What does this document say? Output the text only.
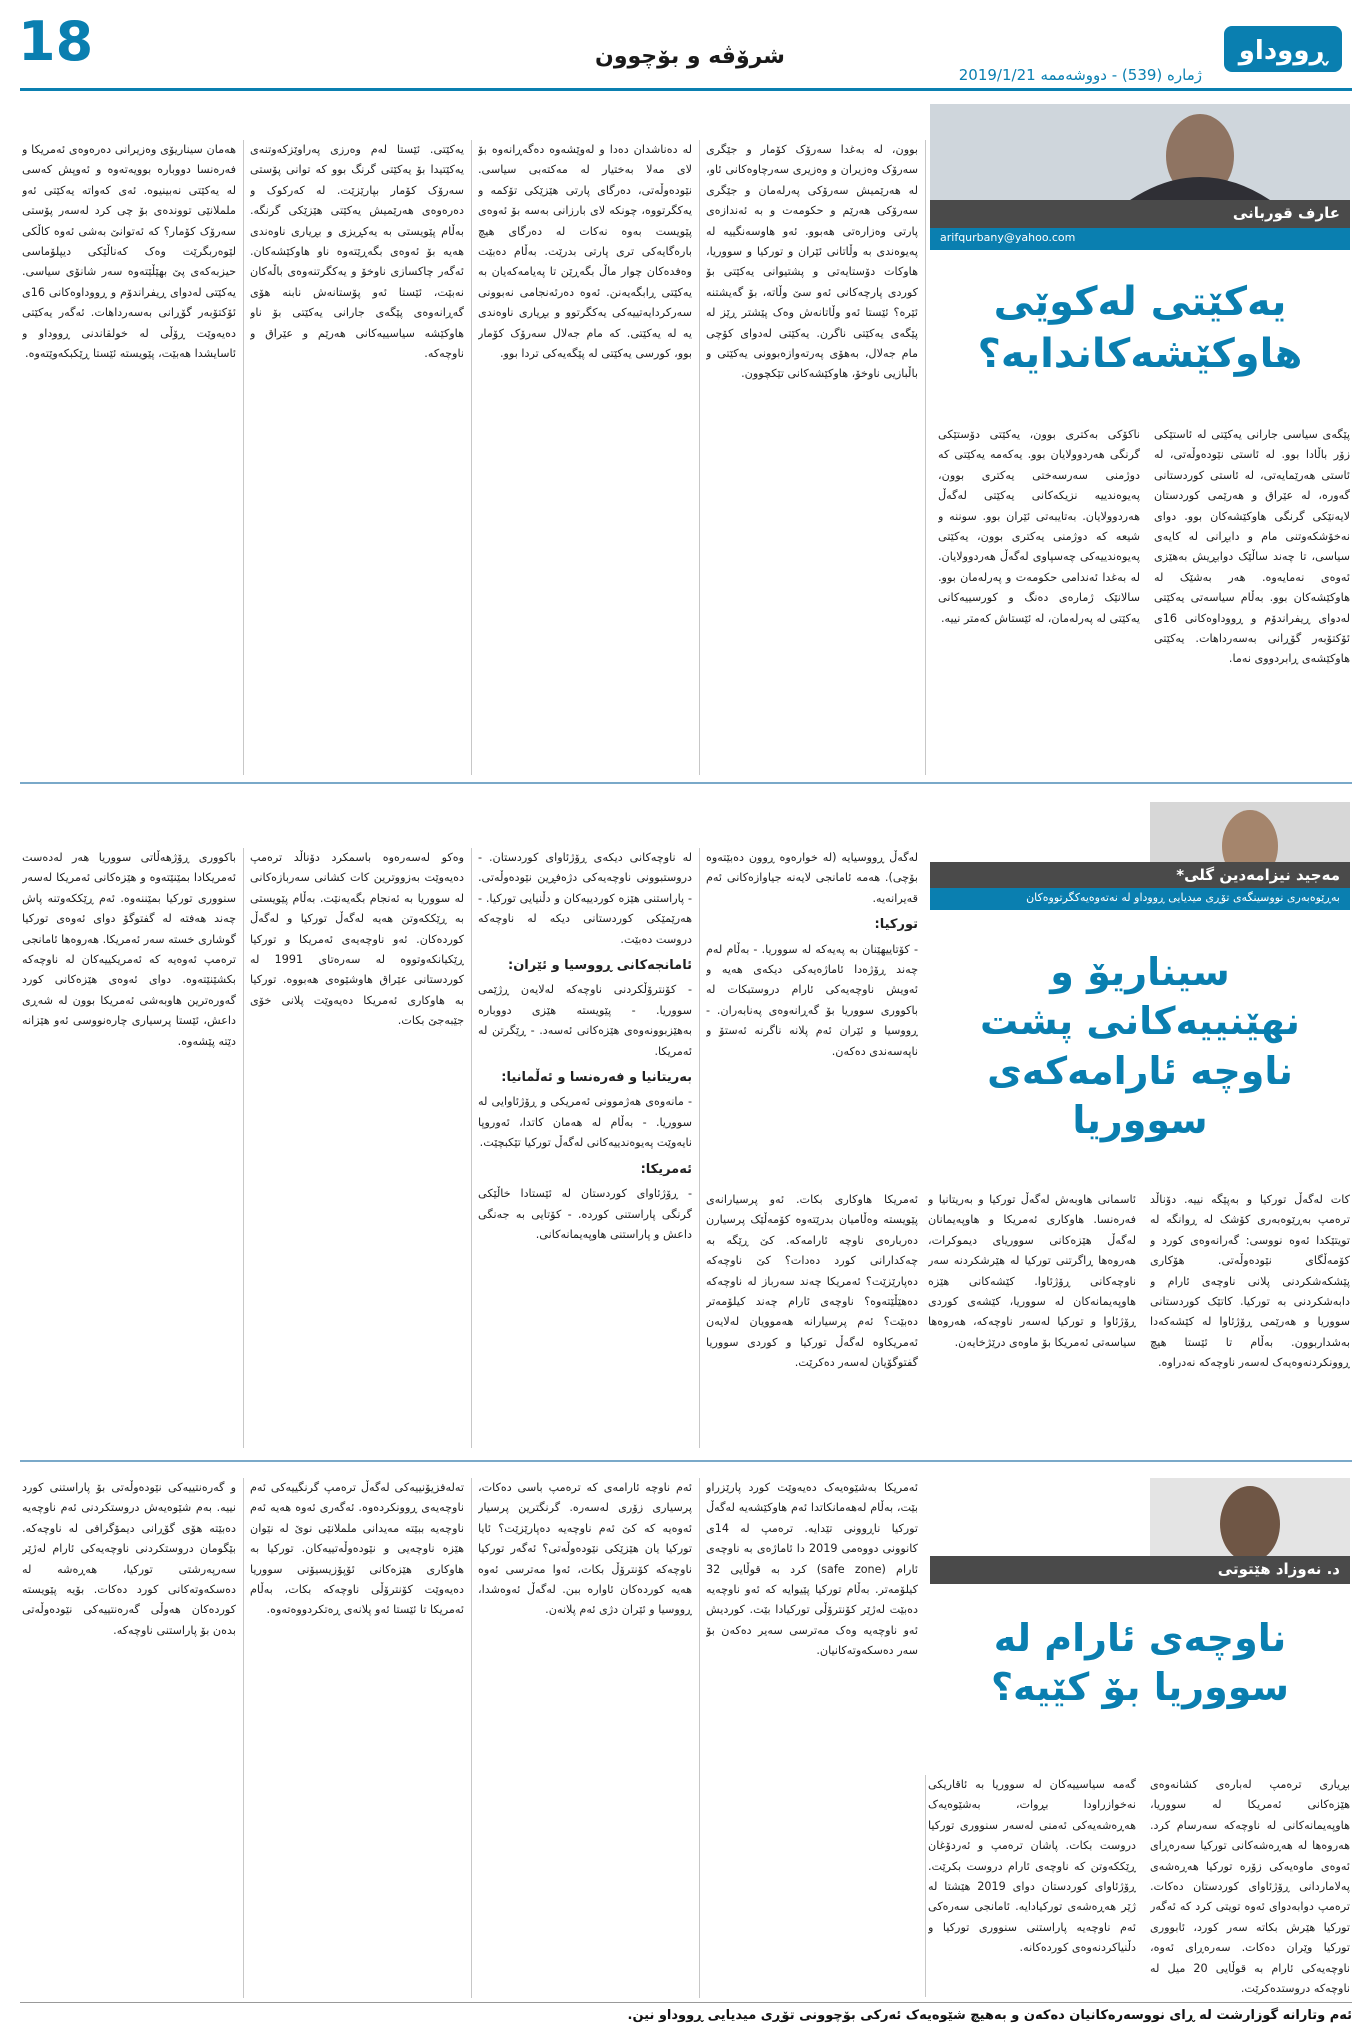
18	شرۆڤە و بۆچوون
ژمارە (539) - دووشەممە 2019/1/21
ڕووداو
عارف قوربانی
arifqurbany@yahoo.com
یەکێتی لەکوێی هاوکێشەکاندایە؟
پێگەی سیاسی جارانی یەکێتی لە ئاستێکی زۆر باڵادا بوو. لە ئاستی نێودەوڵەتی، لە ئاستی هەرێمایەتی، لە ئاستی کوردستانی گەورە، لە عێراق و هەرێمی کوردستان لایەنێکی گرنگی هاوکێشەکان بوو. دوای نەخۆشکەوتنی مام و دابڕانی لە کایەی سیاسی، تا چەند ساڵێک دوابڕیش بەهێزی ئەوەی نەمایەوە. هەر بەشێک لە هاوکێشەکان بوو. بەڵام سیاسەتی یەکێتی لەدوای ڕیفراندۆم و ڕووداوەکانی 16ی ئۆکتۆبەر گۆڕانی بەسەرداهات. یەکێتی هاوکێشەی ڕابردووی نەما.
ناکۆکی بەکتری بوون، یەکێتی دۆستێکی گرنگی هەردوولایان بوو. یەکەمە یەکێتی کە دوژمنی سەرسەختی یەکتری بوون، پەیوەندییە نزیکەکانی یەکێتی لەگەڵ هەردوولایان. بەتایبەتی ئێران بوو. سوننە و شیعە کە دوژمنی یەکتری بوون، یەکێتی پەیوەندییەکی چەسپاوی لەگەڵ هەردوولایان. لە بەغدا ئەندامی حکومەت و پەرلەمان بوو. سالانێک ژمارەی دەنگ و کورسییەکانی یەکێتی لە پەرلەمان، لە ئێستاش کەمتر نییە.
بوون، لە بەغدا سەرۆک کۆمار و جێگری سەرۆک وەزیران و وەزیری سەرچاوەکانی ئاو، لە هەرێمیش سەرۆکی پەرلەمان و جێگری سەرۆکی هەرێم و حکومەت و بە ئەندازەی پارتی وەزارەتی هەبوو. ئەو هاوسەنگییە لە پەیوەندی بە وڵاتانی ئێران و تورکیا و سووریا، هاوکات دۆستایەتی و پشتیوانی یەکێتی بۆ کوردی پارچەکانی ئەو سێ وڵاتە، بۆ گەیشتنە ئێرە؟ ئێستا ئەو وڵاتانەش وەک پێشتر ڕێز لە پێگەی یەکێتی ناگرن. یەکێتی لەدوای کۆچی مام جەلال، بەهۆی پەرتەوازەبوونی یەکێتی و باڵبازیی ناوخۆ، هاوکێشەکانی تێکچوون.
لە دەناشدان دەدا و لەوێشەوە دەگەڕانەوە بۆ لای مەلا بەختیار لە مەکتەبی سیاسی. نێودەوڵەتی، دەرگای پارتی هێزێکی تۆکمە و یەکگرتووە، چونکە لای بارزانی بەسە بۆ ئەوەی پێویست بەوە نەکات لە دەرگای هیچ بارەگایەکی تری پارتی بدرێت. بەڵام دەبێت وەفدەکان چوار ماڵ بگەڕێن تا پەیامەکەیان بە یەکێتی ڕابگەیەنن. ئەوە دەرئەنجامی نەبوونی سەرکردایەتییەکی یەکگرتوو و بڕیاری ناوەندی یە لە یەکێتی. کە مام جەلال سەرۆک کۆمار بوو، کورسی یەکێتی لە پێگەیەکی تردا بوو.
یەکێتی. ئێستا لەم وەرزی پەراوێزکەوتنەی یەکێتیدا بۆ یەکێتی گرنگ بوو کە توانی پۆستی سەرۆک کۆمار بپارێزێت. لە کەرکوک و دەرەوەی هەرێمیش یەکێتی هێزێکی گرنگە. بەڵام پێویستی بە یەکڕیزی و بڕیاری ناوەندی هەیە بۆ ئەوەی بگەڕێتەوە ناو هاوکێشەکان. ئەگەر چاکسازی ناوخۆ و یەکگرتنەوەی باڵەکان نەبێت، ئێستا ئەو پۆستانەش نابنە هۆی گەڕانەوەی پێگەی جارانی یەکێتی بۆ ناو هاوکێشە سیاسییەکانی هەرێم و عێراق و ناوچەکە.
هەمان سیناریۆی وەزیرانی دەرەوەی ئەمریکا و فەرەنسا دووبارە بوویەتەوە و ئەوپش کەسی لە یەکێتی نەبینیوە. ئەی کەواتە یەکێتی ئەو ململانێی تووندەی بۆ چی کرد لەسەر پۆستی سەرۆک کۆمار؟ کە ئەتوانێ بەشی ئەوە کاڵکی لێوەربگرێت وەک کەناڵێکی دیپلۆماسی حیزبەکەی پێ بهێڵێتەوە سەر شانۆی سیاسی. یەکێتی لەدوای ڕیفراندۆم و ڕووداوەکانی 16ی ئۆکتۆبەر گۆڕانی بەسەرداهات. ئەگەر یەکێتی دەیەوێت ڕۆڵی لە خولقاندنی ڕووداو و ئاسایشدا هەبێت، پێویستە ئێستا ڕێکبکەوێتەوە.
مەجید نیزامەدین گلی*
بەڕێوەبەری نووسینگەی تۆڕی میدیایی ڕووداو لە نەتەوەیەکگرتووەکان
سیناریۆ و نهێنییەکانی پشت ناوچە ئارامەکەی سووریا
کات لەگەڵ تورکیا و بەپێگە نییە. دۆناڵد ترەمپ بەڕێوەبەری کۆشک لە ڕوانگە لە تویتێکدا ئەوە نووسی: گەرانەوەی کورد و کۆمەڵگای نێودەوڵەتی. هۆکاری پێشکەشکردنی پلانی ناوچەی ئارام و دابەشکردنی بە تورکیا. کاتێک کوردستانی سووریا و هەرێمی ڕۆژئاوا لە کێشەکەدا بەشداربوون. بەڵام تا ئێستا هیچ ڕوونکردنەوەیەک لەسەر ناوچەکە نەدراوە.
ئاسمانی هاوبەش لەگەڵ تورکیا و بەریتانیا و فەرەنسا. هاوکاری ئەمریکا و هاوپەیمانان لەگەڵ هێزەکانی سووریای دیموکرات، هەروەها ڕاگرتنی تورکیا لە هێرشکردنە سەر ناوچەکانی ڕۆژئاوا. کێشەکانی هێزە هاوپەیمانەکان لە سووریا، کێشەی کوردی ڕۆژئاوا و تورکیا لەسەر ناوچەکە، هەروەها سیاسەتی ئەمریکا بۆ ماوەی درێژخایەن.
ئەمریکا هاوکاری بکات. ئەو پرسیارانەی پێویستە وەڵامیان بدرێتەوە کۆمەڵێک پرسیارن دەربارەی ناوچە ئارامەکە. کێ ڕێگە بە چەکدارانی کورد دەدات؟ کێ ناوچەکە دەپارێزێت؟ ئەمریکا چەند سەرباز لە ناوچەکە دەهێڵێتەوە؟ ناوچەی ئارام چەند کیلۆمەتر دەبێت؟ ئەم پرسیارانە هەموویان لەلایەن ئەمریکاوە لەگەڵ تورکیا و کوردی سووریا گفتوگۆیان لەسەر دەکرێت.

لەگەڵ ڕووسیایە (لە خوارەوە ڕوون دەبێتەوە بۆچی). هەمە ئامانجی لایەنە جیاوازەکانی ئەم قەیرانەیە.

تورکیا:

- کۆتاییهێنان بە پەیەکە لە سووریا. - بەڵام لەم چەند ڕۆژەدا ئاماژەیەکی دیکەی هەیە و ئەویش ناوچەیەکی ئارام دروستبکات لە باکووری سووریا بۆ گەڕانەوەی پەنابەران. - ڕووسیا و ئێران ئەم پلانە ناگرنە ئەستۆ و ناپەسەندی دەکەن.

لە ناوچەکانی دیکەی ڕۆژئاوای کوردستان. - دروستبوونی ناوچەیەکی دژەفڕین نێودەوڵەتی. - پاراستنی هێزە کوردییەکان و دڵنیایی تورکیا. - هەرێمێکی کوردستانی دیکە لە ناوچەکە دروست دەبێت.

ئامانجەکانی ڕووسیا و ئێران:

- کۆنترۆڵکردنی ناوچەکە لەلایەن ڕژێمی سووریا. - پێویستە هێزی دووبارە بەهێزبوونەوەی هێزەکانی ئەسەد. - ڕێگرتن لە ئەمریکا.

بەریتانیا و فەرەنسا و ئەڵمانیا:

- مانەوەی هەژموونی ئەمریکی و ڕۆژئاوایی لە سووریا. - بەڵام لە هەمان کاتدا، ئەوروپا نایەوێت پەیوەندییەکانی لەگەڵ تورکیا تێکبچێت.

ئەمریکا:

- ڕۆژئاوای کوردستان لە ئێستادا خاڵێکی گرنگی پاراستنی کوردە. - کۆتایی بە جەنگی داعش و پاراستنی هاوپەیمانەکانی.

وەکو لەسەرەوە باسمکرد دۆناڵد ترەمپ دەیەوێت بەزووترین کات کشانی سەربازەکانی لە سووریا بە ئەنجام بگەیەنێت. بەڵام پێویستی بە ڕێککەوتن هەیە لەگەڵ تورکیا و لەگەڵ کوردەکان. ئەو ناوچەیەی ئەمریکا و تورکیا ڕێکیانکەوتووە لە سەرەتای 1991 لە کوردستانی عێراق هاوشێوەی هەبووە. تورکیا بە هاوکاری ئەمریکا دەیەوێت پلانی خۆی جێبەجێ بکات.
باکووری ڕۆژهەڵاتی سووریا هەر لەدەست ئەمریکادا بمێنێتەوە و هێزەکانی ئەمریکا لەسەر سنووری تورکیا بمێننەوە. ئەم ڕێککەوتنە پاش چەند هەفتە لە گفتوگۆ دوای ئەوەی تورکیا گوشاری خستە سەر ئەمریکا. هەروەها ئامانجی ترەمپ ئەوەیە کە ئەمریکییەکان لە ناوچەکە بکشێنێتەوە. دوای ئەوەی هێزەکانی کورد گەورەترین هاوبەشی ئەمریکا بوون لە شەڕی داعش، ئێستا پرسیاری چارەنووسی ئەو هێزانە دێتە پێشەوە.
د. نەوزاد هێتوتی
ناوچەی ئارام لە سووریا بۆ کێیە؟
بڕیاری ترەمپ لەبارەی کشانەوەی هێزەکانی ئەمریکا لە سووریا، هاوپەیمانەکانی لە ناوچەکە سەرسام کرد. هەروەها لە هەڕەشەکانی تورکیا سەرەڕای ئەوەی ماوەیەکی زۆرە تورکیا هەڕەشەی پەلاماردانی ڕۆژئاوای کوردستان دەکات. ترەمپ دوابەدوای ئەوە تویتی کرد کە ئەگەر تورکیا هێرش بکاتە سەر کورد، ئابووری تورکیا وێران دەکات. سەرەڕای ئەوە، ناوچەیەکی ئارام بە قوڵایی 20 میل لە ناوچەکە دروستدەکرێت.
گەمە سیاسییەکان لە سووریا بە ئاقاریکی نەخوازراودا بڕوات، بەشێوەیەک هەڕەشەیەکی ئەمنی لەسەر سنووری تورکیا دروست بکات. پاشان ترەمپ و ئەردۆغان ڕێککەوتن کە ناوچەی ئارام دروست بکرێت. ڕۆژئاوای کوردستان دوای 2019 هێشتا لە ژێر هەڕەشەی تورکیادایە. ئامانجی سەرەکی ئەم ناوچەیە پاراستنی سنووری تورکیا و دڵنیاکردنەوەی کوردەکانە.
ئەمریکا بەشێوەیەک دەیەوێت کورد پارێزراو بێت، بەڵام لەهەمانکاتدا ئەم هاوکێشەیە لەگەڵ تورکیا ناڕوونی تێدایە. ترەمپ لە 14ی کانوونی دووەمی 2019 دا ئاماژەی بە ناوچەی ئارام (safe zone) کرد بە قوڵایی 32 کیلۆمەتر. بەڵام تورکیا پێیوایە کە ئەو ناوچەیە دەبێت لەژێر کۆنترۆڵی تورکیادا بێت. کوردیش ئەو ناوچەیە وەک مەترسی سەیر دەکەن بۆ سەر دەسکەوتەکانیان.
ئەم ناوچە ئارامەی کە ترەمپ باسی دەکات، پرسیاری زۆری لەسەرە. گرنگترین پرسیار ئەوەیە کە کێ ئەم ناوچەیە دەپارێزێت؟ ئایا تورکیا یان هێزێکی نێودەوڵەتی؟ ئەگەر تورکیا ناوچەکە کۆنترۆڵ بکات، ئەوا مەترسی ئەوە هەیە کوردەکان ئاوارە ببن. لەگەڵ ئەوەشدا، ڕووسیا و ئێران دژی ئەم پلانەن.
تەلەفزیۆنییەکی لەگەڵ ترەمپ گرنگییەکی ئەم ناوچەیەی ڕوونکردەوە. ئەگەری ئەوە هەیە ئەم ناوچەیە ببێتە مەیدانی ململانێی نوێ لە نێوان هێزە ناوچەیی و نێودەوڵەتییەکان. تورکیا بە هاوکاری هێزەکانی ئۆپۆزیسیۆنی سووریا دەیەوێت کۆنترۆڵی ناوچەکە بکات، بەڵام ئەمریکا تا ئێستا ئەو پلانەی ڕەتکردووەتەوە.
و گەرەنتییەکی نێودەوڵەتی بۆ پاراستنی کورد نییە. بەم شێوەیەش دروستکردنی ئەم ناوچەیە دەبێتە هۆی گۆڕانی دیمۆگرافی لە ناوچەکە. بێگومان دروستکردنی ناوچەیەکی ئارام لەژێر سەرپەرشتی تورکیا، هەڕەشە لە دەسکەوتەکانی کورد دەکات. بۆیە پێویستە کوردەکان هەوڵی گەرەنتییەکی نێودەوڵەتی بدەن بۆ پاراستنی ناوچەکە.
ئەم وتارانە گوزارشت لە ڕای نووسەرەکانیان دەکەن و بەهیچ شێوەیەک ئەرکی بۆچوونی تۆڕی میدیایی ڕووداو نین.
